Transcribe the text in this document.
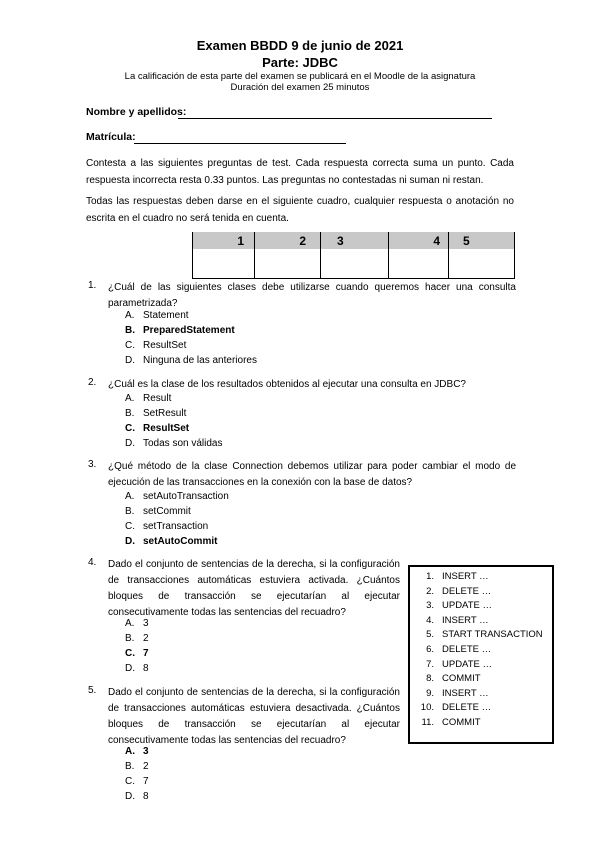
Examen BBDD 9 de junio de 2021
Parte: JDBC
La calificación de esta parte del examen se publicará en el Moodle de la asignatura
Duración del examen 25 minutos
Nombre y apellidos:
Matrícula:
Contesta a las siguientes preguntas de test. Cada respuesta correcta suma un punto. Cada respuesta incorrecta resta 0.33 puntos. Las preguntas no contestadas ni suman ni restan.
Todas las respuestas deben darse en el siguiente cuadro, cualquier respuesta o anotación no escrita en el cuadro no será tenida en cuenta.
1	2	3	4	5

1. ¿Cuál de las siguientes clases debe utilizarse cuando queremos hacer una consulta parametrizada?
A. Statement
B. PreparedStatement
C. ResultSet
D. Ninguna de las anteriores
2. ¿Cuál es la clase de los resultados obtenidos al ejecutar una consulta en JDBC?
A. Result
B. SetResult
C. ResultSet
D. Todas son válidas
3. ¿Qué método de la clase Connection debemos utilizar para poder cambiar el modo de ejecución de las transacciones en la conexión con la base de datos?
A. setAutoTransaction
B. setCommit
C. setTransaction
D. setAutoCommit
4. Dado el conjunto de sentencias de la derecha, si la configuración de transacciones automáticas estuviera activada. ¿Cuántos bloques de transacción se ejecutarían al ejecutar consecutivamente todas las sentencias del recuadro?
A. 3
B. 2
C. 7
D. 8
5. Dado el conjunto de sentencias de la derecha, si la configuración de transacciones automáticas estuviera desactivada. ¿Cuántos bloques de transacción se ejecutarían al ejecutar consecutivamente todas las sentencias del recuadro?
A. 3
B. 2
C. 7
D. 8
1. INSERT …
2. DELETE …
3. UPDATE …
4. INSERT …
5. START TRANSACTION
6. DELETE …
7. UPDATE …
8. COMMIT
9. INSERT …
10. DELETE …
11. COMMIT
